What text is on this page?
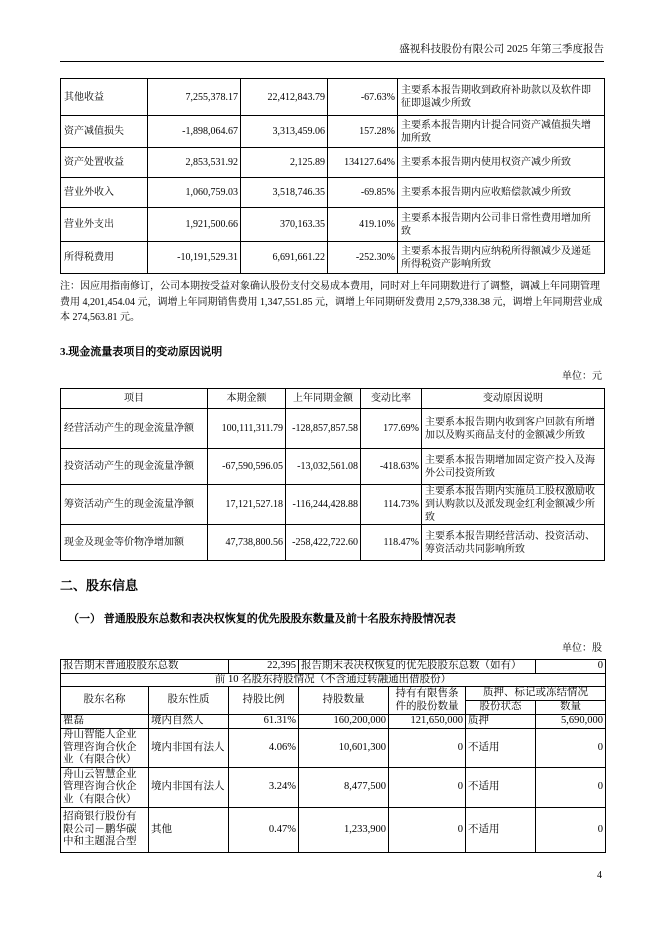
盛视科技股份有限公司 2025 年第三季度报告
其他收益	7,255,378.17	22,412,843.79	-67.63%	主要系本报告期收到政府补助款以及软件即征即退减少所致
资产减值损失	-1,898,064.67	3,313,459.06	157.28%	主要系本报告期内计提合同资产减值损失增加所致
资产处置收益	2,853,531.92	2,125.89	134127.64%	主要系本报告期内使用权资产减少所致
营业外收入	1,060,759.03	3,518,746.35	-69.85%	主要系本报告期内应收赔偿款减少所致
营业外支出	1,921,500.66	370,163.35	419.10%	主要系本报告期内公司非日常性费用增加所致
所得税费用	-10,191,529.31	6,691,661.22	-252.30%	主要系本报告期内应纳税所得额减少及递延所得税资产影响所致
注：因应用指南修订，公司本期按受益对象确认股份支付交易成本费用，同时对上年同期数进行了调整，调减上年同期管理费用 4,201,454.04 元，调增上年同期销售费用 1,347,551.85 元，调增上年同期研发费用 2,579,338.38 元，调增上年同期营业成本 274,563.81 元。
3.现金流量表项目的变动原因说明
单位：元
项目	本期金额	上年同期金额	变动比率	变动原因说明
经营活动产生的现金流量净额	100,111,311.79	-128,857,857.58	177.69%	主要系本报告期内收到客户回款有所增加以及购买商品支付的金额减少所致
投资活动产生的现金流量净额	-67,590,596.05	-13,032,561.08	-418.63%	主要系本报告期增加固定资产投入及海外公司投资所致
筹资活动产生的现金流量净额	17,121,527.18	-116,244,428.88	114.73%	主要系本报告期内实施员工股权激励收到认购款以及派发现金红利金额减少所致
现金及现金等价物净增加额	47,738,800.56	-258,422,722.60	118.47%	主要系本报告期经营活动、投资活动、筹资活动共同影响所致
二、股东信息
（一） 普通股股东总数和表决权恢复的优先股股东数量及前十名股东持股情况表
单位：股
报告期末普通股股东总数		22,395	报告期末表决权恢复的优先股股东总数（如有）			0
前 10 名股东持股情况（不含通过转融通出借股份）						
股东名称	股东性质	持股比例	持股数量	持有有限售条件的股份数量	质押、标记或冻结情况	
					股份状态	数量
瞿磊	境内自然人	61.31%	160,200,000	121,650,000	质押	5,690,000
舟山智能人企业管理咨询合伙企业（有限合伙）	境内非国有法人	4.06%	10,601,300	0	不适用	0
舟山云智慧企业管理咨询合伙企业（有限合伙）	境内非国有法人	3.24%	8,477,500	0	不适用	0
招商银行股份有限公司－鹏华碳中和主题混合型	其他	0.47%	1,233,900	0	不适用	0
4
